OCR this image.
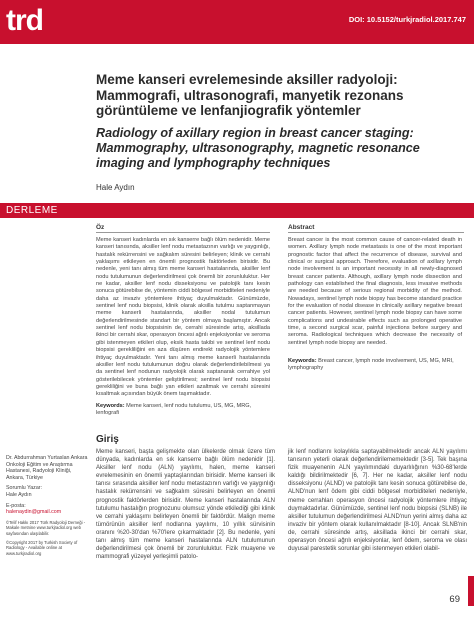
trd	DOI: 10.5152/turkjradiol.2017.747
Meme kanseri evrelemesinde aksiller radyoloji: Mammografi, ultrasonografi, manyetik rezonans görüntüleme ve lenfanjiografik yöntemler
Radiology of axillary region in breast cancer staging: Mammography, ultrasonography, magnetic resonance imaging and lymphography techniques
Hale Aydın
DERLEME
Öz

Meme kanseri kadınlarda en sık kanserre bağlı ölüm nedenidir. Meme kanseri tanısında, aksiller lenf nodu metastazının varlığı ve yaygınlığı, hastalık rekürrensini ve sağkalım süresini belirleyen; klinik ve cerrahi yaklaşımı etkileyen en önemli prognostik faktörleden birisidir. Bu nedenle, yeni tanı almış tüm meme kanseri hastalarında, aksiller lenf nodu tutulumunun değerlendirilmesi çok önemli bir zorunluluktur. Her ne kadar, aksiller lenf nodu disseksiyonu ve patolojik tanı kesin sonuca götürebilse de, yöntemin ciddi bölgesel morbiditeleri nedeniyle daha az invaziv yöntemlere ihtiyaç duyulmaktadır. Günümüzde, sentinel lenf nodu biopsisi, klinik olarak aksilla tutulmu saptanmayan meme kanserli hastalarında, aksiller nodal tutulumun değerlendirilmesinde standart bir yöntem olmaya başlamıştır. Ancak sentinel lenf nodu biopsisinin de, cerrahi süresinde artış, aksillada ikinci bir cerrahi skar, operasyon öncesi ağrılı enjeksiyonlar ve seroma gibi istenmeyen etkileri olup, eksik hasta takibi ve sentinel lenf nodu biopsisi gerekliliğini en aza düşüren endirekt radyolojik yöntemlere ihtiyaç duyulmaktadır. Yeni tanı almış meme kanserli hastalarında aksiller lenf nodu tutulumunun doğru olarak değerlendirilebilmesi ya da sentinel lenf nodunun radyolojik olarak saptanarak cerrahiye yol gösterilebilecek yöntemler geliştirilmesi; sentinel lenf nodu biopsisi gerekliliğini ve buna bağlı yan etkileri azaltmak ve cerrahi süresini kısaltmak açısından büyük önem taşımaktadır.

Keywords: Meme kanseri, lenf nodu tutulumu, US, MG, MRG, lenfografi

Abstract

Breast cancer is the most common cause of cancer-related death in women. Axillary lymph node metastasis is one of the most important prognostic factor that affect the recurrence of disease, survival and clinical or surgical approach. Therefore, evaluation of axillary lymph node involvement is an important necessity in all newly-diagnosed breast cancer patients. Although, axillary lymph node dissection and pathology can established the final diagnosis, less invasive methods are needed because of serious regional morbidity of the method. Nowadays, sentinel lymph node biopsy has become standard practice for the evaluation of nodal disease in clinically axillary negative breast cancer patients. However, sentinel lymph node biopsy can have some complications and undesirable effects such as prolonged operative time, a second surgical scar, painful injections before surgery and seroma. Radiological techniques which decrease the necessity of sentinel lymph node biopsy are needed.

Keywords: Breast cancer, lymph node involvement, US, MG, MRI, lymphography

Dr. Abdurrahman Yurtaslan Ankara Onkoloji Eğitim ve Araştırma Hastanesi, Radyoloji Kliniği, Ankara, Türkiye

Sorumlu Yazar:
Hale Aydın

E-posta:
halenaydin@gmail.com

©Telif Hakkı 2017 Türk Radyoloji Derneği - Makale metnine www.turkjradiol.org web sayfasından ulaşılabilir.

©Copyright 2017 by Turkish Society of Radiology - Available online at www.turkjradiol.org

Giriş

Meme kanseri, başta gelişmekte olan ülkelerde olmak üzere tüm dünyada, kadınlarda en sık kanserre bağlı ölüm nedenidir [1]. Aksiller lenf nodu (ALN) yayılımı, halen, meme kanseri evrelemesinin en önemli yaptaşlarından birisidir. Meme kanseri ilk tanısı sırasında aksiller lenf nodu metastazının varlığı ve yaygınlığı hastalık rekürrensini ve sağkalım süresini belirleyen en önemli prognostik faktörlerden birisidir. Meme kanseri hastalarında ALN tutulumu hastalığın prognozunu olumsuz yönde etkilediği gibi klinik ve cerrahi yaklaşımı belirleyen önemli bir faktördür. Malign meme tümörünün aksiller lenf nodlarına yayılımı, 10 yıllık sürvisinin oranını %20-30'dan %70'lere çıkarmaktadır [2]. Bu nedenle, yeni tanı almış tüm meme kanseri hastalarında ALN tutulumunun değerlendirilmesi çok önemli bir zorunluluktur. Fizik muayene ve mammografi yüzeyel yerleşimli patolo-

jik lenf nodlarını kolaylıkla saptayabilmektedir ancak ALN yayılımı tanısının yeterli olarak değerlendirilememektedir [3-5]. Tek başına fizik muayenenin ALN yayılımındaki duyarlılığının %30-68'lerde kaldığı bildirilmektedir [6, 7]. Her ne kadar, aksiller lenf nodu disseksiyonu (ALND) ve patolojik tanı kesin sonuca götürebilse de, ALND'nun lenf ödem gibi ciddi bölgesel morbiditeleri nedeniyle, meme cerrahları operasyon öncesi radyolojik yöntemlere ihtiyaç duymaktadırlar. Günümüzde, sentinel lenf nodu biopsisi (SLNB) ile aksiller tutulumun değerlendirilmesi ALND'nun yerini almış daha az invaziv bir yöntem olarak kullanılmaktadır [8-10]. Ancak SLNB'nin de, cerrahi süresinde artış, aksillada ikinci bir cerrahi skar, operasyon öncesi ağrılı enjeksiyonlar, lenf ödem, seroma ve olası duyusal parestetik sorunlar gibi istenmeyen etkileri olabil-

69
